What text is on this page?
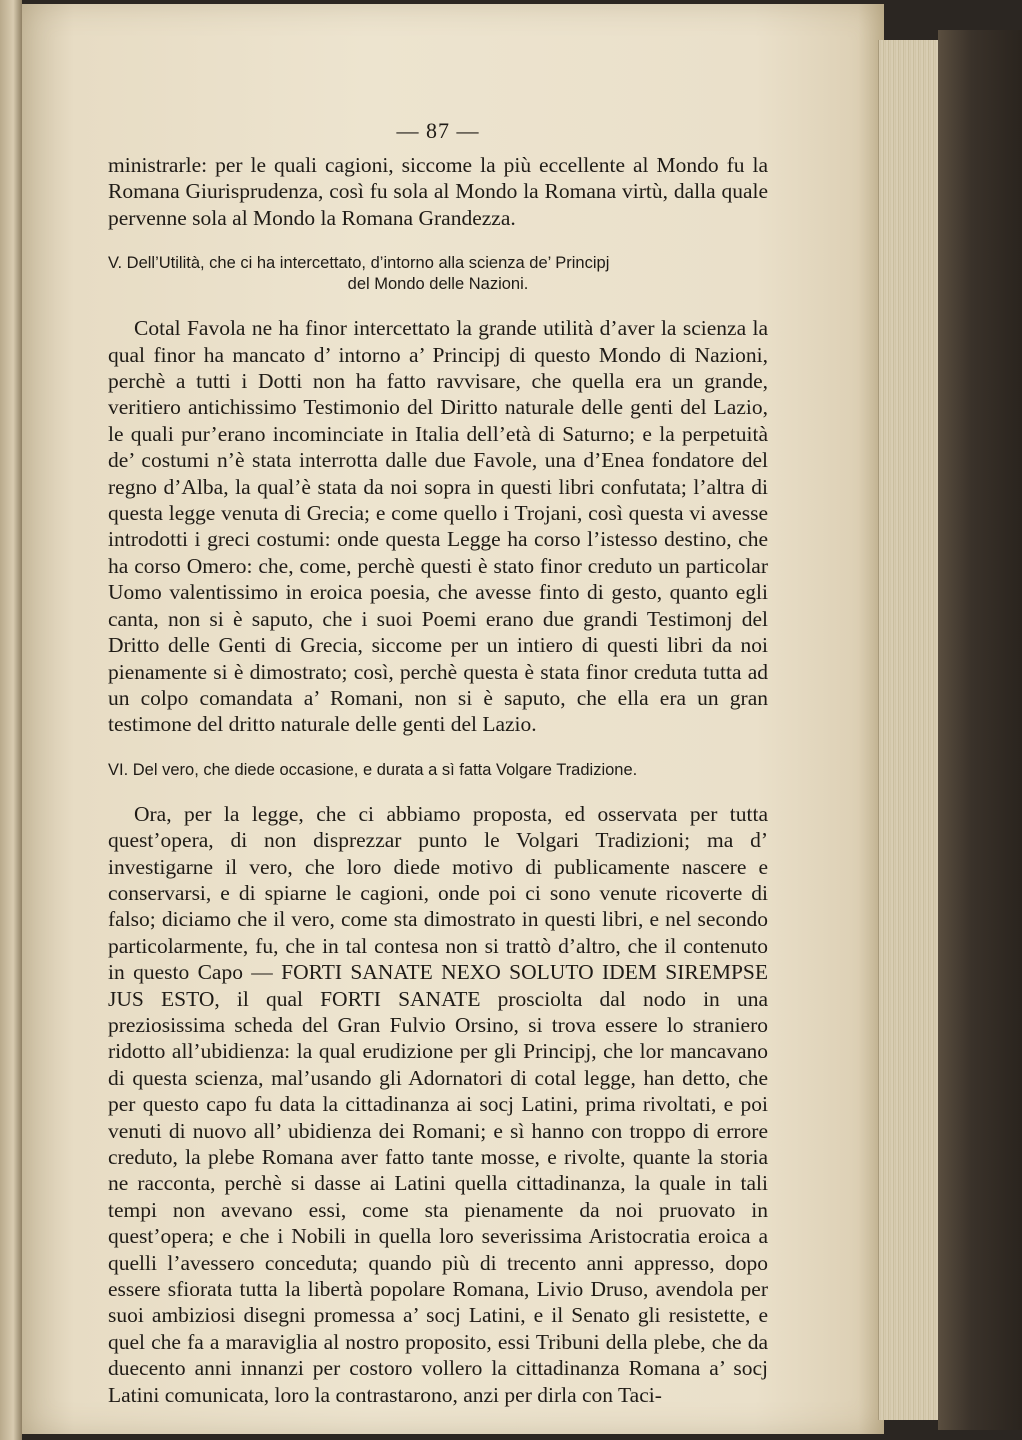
— 87 —

ministrarle: per le quali cagioni, siccome la più eccellente al Mondo fu la Romana Giurisprudenza, così fu sola al Mondo la Romana virtù, dalla quale pervenne sola al Mondo la Romana Grandezza.

V. Dell’Utilità, che ci ha intercettato, d’intorno alla scienza de’ Principj
del Mondo delle Nazioni.

Cotal Favola ne ha finor intercettato la grande utilità d’aver la scienza la qual finor ha mancato d’ intorno a’ Principj di questo Mondo di Nazioni, perchè a tutti i Dotti non ha fatto ravvisare, che quella era un grande, veritiero antichissimo Testimonio del Diritto naturale delle genti del Lazio, le quali pur’erano incominciate in Italia dell’età di Saturno; e la perpetuità de’ costumi n’è stata interrotta dalle due Favole, una d’Enea fondatore del regno d’Alba, la qual’è stata da noi sopra in questi libri confutata; l’altra di questa legge venuta di Grecia; e come quello i Trojani, così questa vi avesse introdotti i greci costumi: onde questa Legge ha corso l’istesso destino, che ha corso Omero: che, come, perchè questi è stato finor creduto un particolar Uomo valentissimo in eroica poesia, che avesse finto di gesto, quanto egli canta, non si è saputo, che i suoi Poemi erano due grandi Testimonj del Dritto delle Genti di Grecia, siccome per un intiero di questi libri da noi pienamente si è dimostrato; così, perchè questa è stata finor creduta tutta ad un colpo comandata a’ Romani, non si è saputo, che ella era un gran testimone del dritto naturale delle genti del Lazio.

VI. Del vero, che diede occasione, e durata a sì fatta Volgare Tradizione.

Ora, per la legge, che ci abbiamo proposta, ed osservata per tutta quest’opera, di non disprezzar punto le Volgari Tradizioni; ma d’ investigarne il vero, che loro diede motivo di publicamente nascere e conservarsi, e di spiarne le cagioni, onde poi ci sono venute ricoverte di falso; diciamo che il vero, come sta dimostrato in questi libri, e nel secondo particolarmente, fu, che in tal contesa non si trattò d’altro, che il contenuto in questo Capo — FORTI SANATE NEXO SOLUTO IDEM SIREMPSE JUS ESTO, il qual FORTI SANATE prosciolta dal nodo in una preziosissima scheda del Gran Fulvio Orsino, si trova essere lo straniero ridotto all’ubidienza: la qual erudizione per gli Principj, che lor mancavano di questa scienza, mal’usando gli Adornatori di cotal legge, han detto, che per questo capo fu data la cittadinanza ai socj Latini, prima rivoltati, e poi venuti di nuovo all’ ubidienza dei Romani; e sì hanno con troppo di errore creduto, la plebe Romana aver fatto tante mosse, e rivolte, quante la storia ne racconta, perchè si dasse ai Latini quella cittadinanza, la quale in tali tempi non avevano essi, come sta pienamente da noi pruovato in quest’opera; e che i Nobili in quella loro severissima Aristocratia eroica a quelli l’avessero conceduta; quando più di trecento anni appresso, dopo essere sfiorata tutta la libertà popolare Romana, Livio Druso, avendola per suoi ambiziosi disegni promessa a’ socj Latini, e il Senato gli resistette, e quel che fa a maraviglia al nostro proposito, essi Tribuni della plebe, che da duecento anni innanzi per costoro vollero la cittadinanza Romana a’ socj Latini comunicata, loro la contrastarono, anzi per dirla con Taci-
